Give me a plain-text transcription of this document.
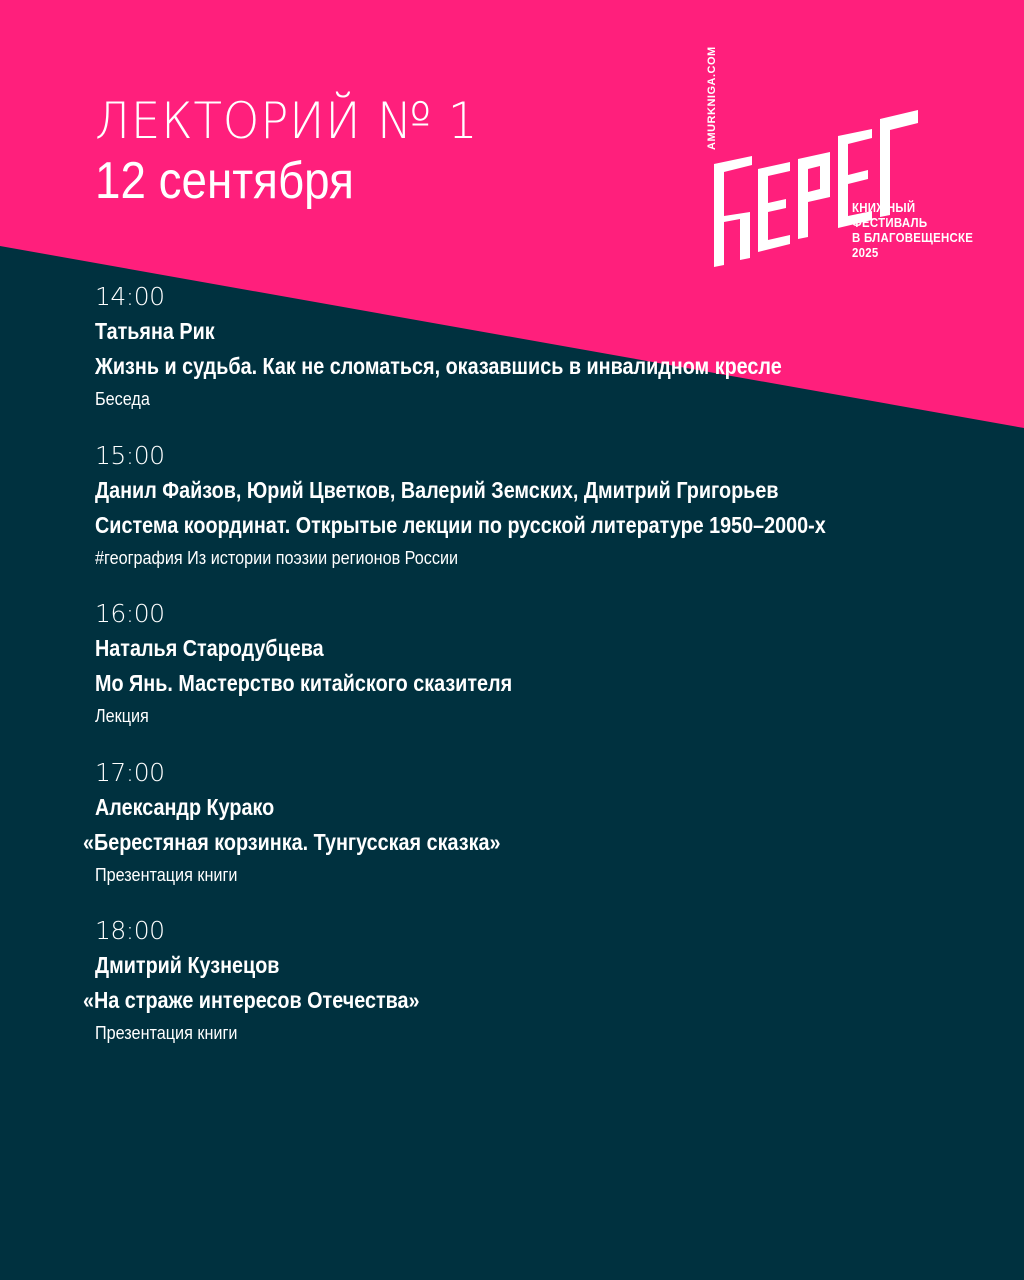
ЛЕКТОРИЙ № 1
12 сентября
AMURKNIGA.COM
КНИЖНЫЙ
ФЕСТИВАЛЬ
В БЛАГОВЕЩЕНСКЕ
2025
14:00
Татьяна Рик
Жизнь и судьба. Как не сломаться, оказавшись в инвалидном кресле
Беседа
15:00
Данил Файзов, Юрий Цветков, Валерий Земских, Дмитрий Григорьев
Система координат. Открытые лекции по русской литературе 1950–2000-х
#география Из истории поэзии регионов России
16:00
Наталья Стародубцева
Мо Янь. Мастерство китайского сказителя
Лекция
17:00
Александр Курако
«Берестяная корзинка. Тунгусская сказка»
Презентация книги
18:00
Дмитрий Кузнецов
«На страже интересов Отечества»
Презентация книги
